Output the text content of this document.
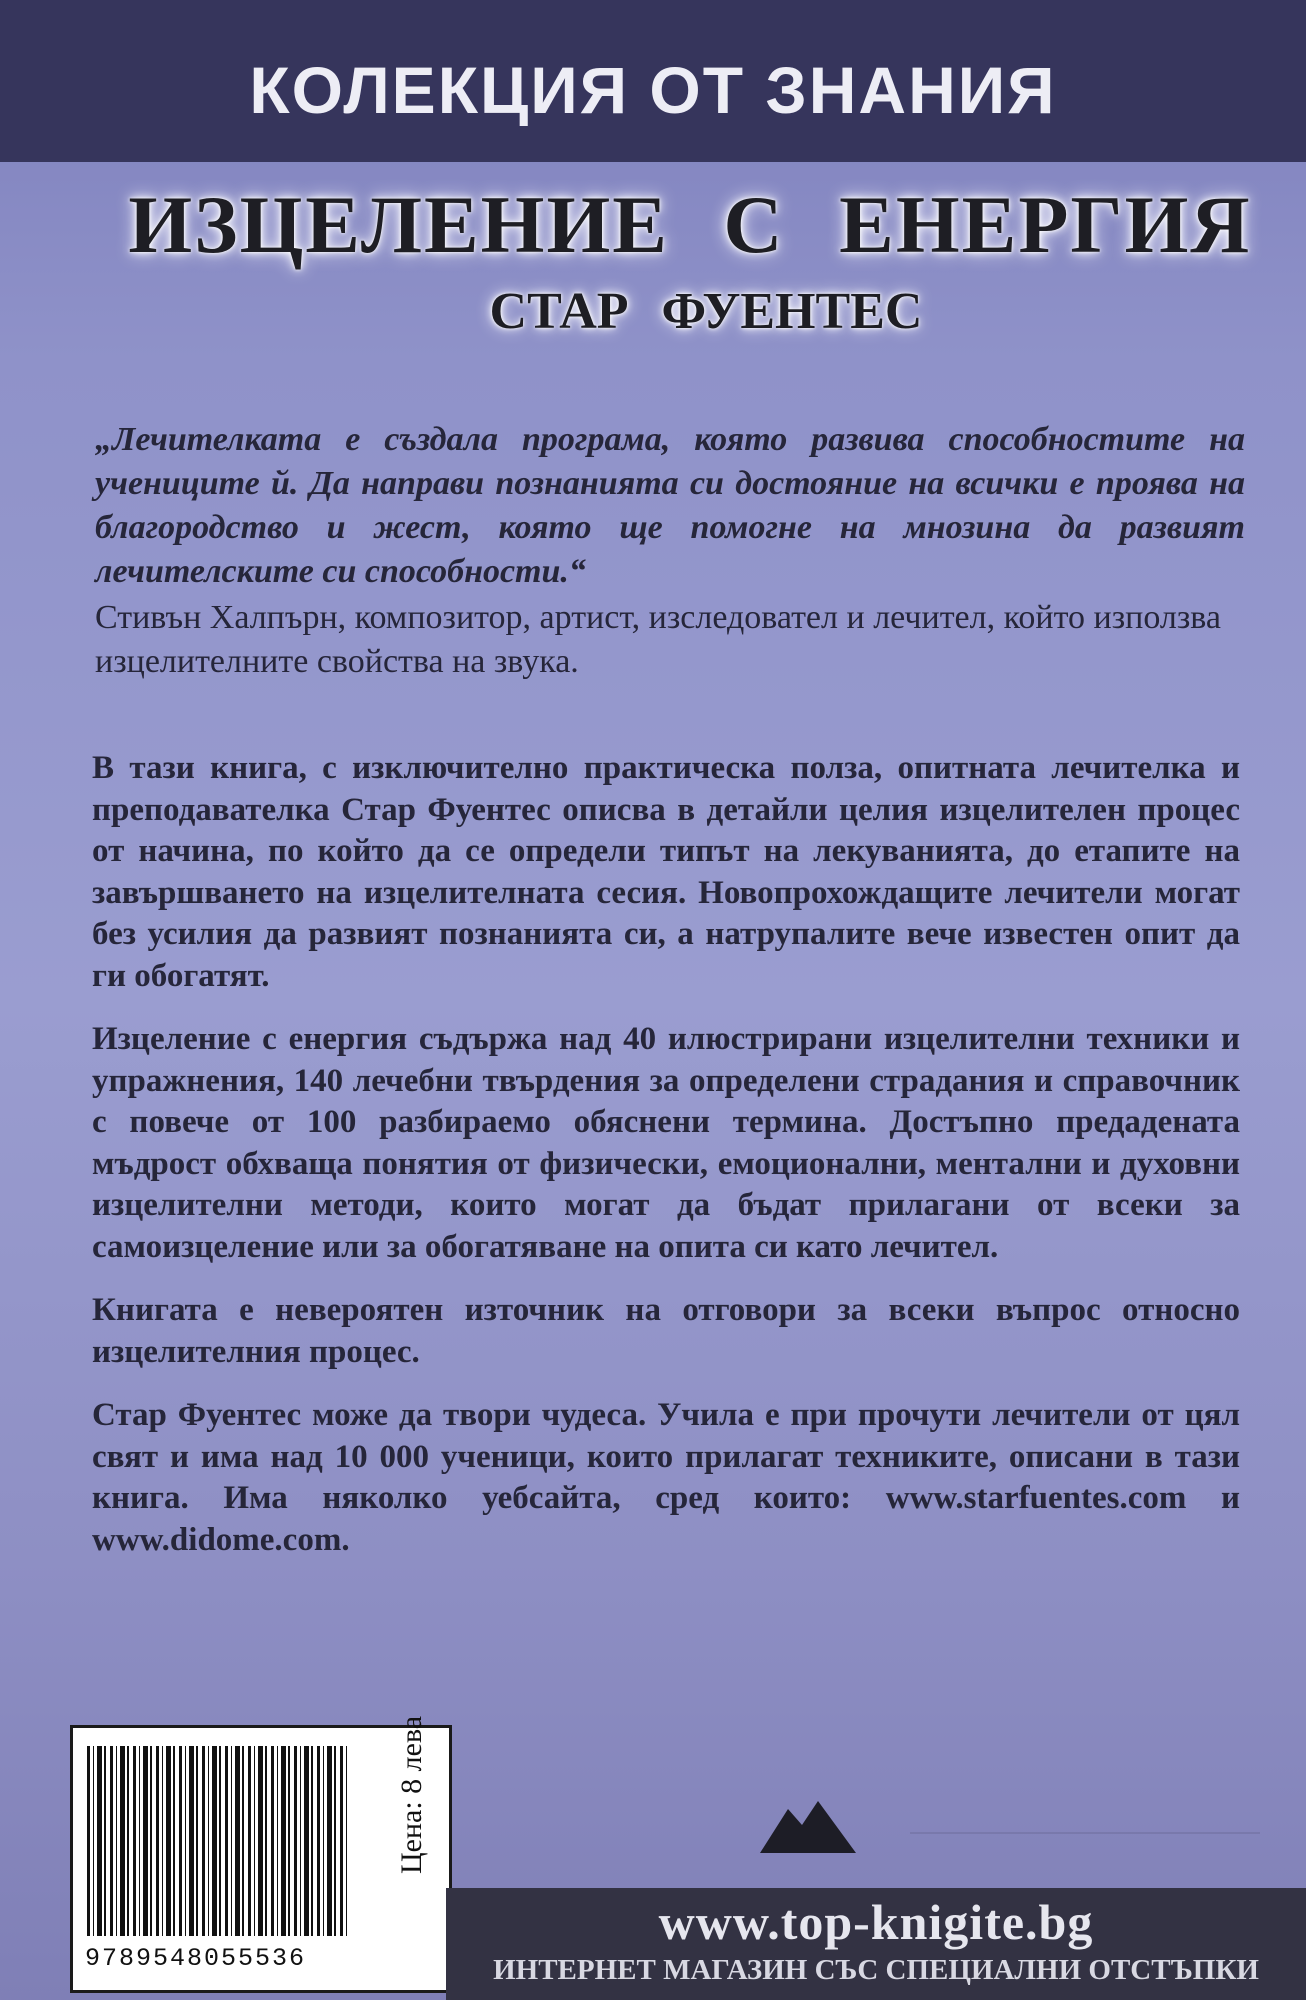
КОЛЕКЦИЯ ОТ ЗНАНИЯ
ИЗЦЕЛЕНИЕ С ЕНЕРГИЯ
СТАР ФУЕНТЕС
„Лечителката е създала програма, която развива способностите на учениците й. Да направи познанията си достояние на всички е проява на благородство и жест, която ще помогне на мнозина да развият лечителските си способности.“
Стивън Халпърн, композитор, артист, изследовател и лечител, който използва изцелителните свойства на звука.

В тази книга, с изключително практическа полза, опитната лечителка и преподавателка Стар Фуентес описва в детайли целия изцелителен процес от начина, по който да се определи типът на лекуванията, до етапите на завършването на изцелителната сесия. Новопрохождащите лечители могат без усилия да развият познанията си, а натрупалите вече известен опит да ги обогатят.

Изцеление с енергия съдържа над 40 илюстрирани изцелителни техники и упражнения, 140 лечебни твърдения за определени страдания и справочник с повече от 100 разбираемо обяснени термина. Достъпно предадената мъдрост обхваща понятия от физически, емоционални, ментални и духовни изцелителни методи, които могат да бъдат прилагани от всеки за самоизцеление или за обогатяване на опита си като лечител.

Книгата е невероятен източник на отговори за всеки въпрос относно изцелителния процес.

Стар Фуентес може да твори чудеса. Учила е при прочути лечители от цял свят и има над 10 000 ученици, които прилагат техниките, описани в тази книга. Има няколко уебсайта, сред които: www.starfuentes.com и www.didome.com.

9789548055536
Цена: 8 лева
www.top-knigite.bg
ИНТЕРНЕТ МАГАЗИН СЪС СПЕЦИАЛНИ ОТСТЪПКИ
